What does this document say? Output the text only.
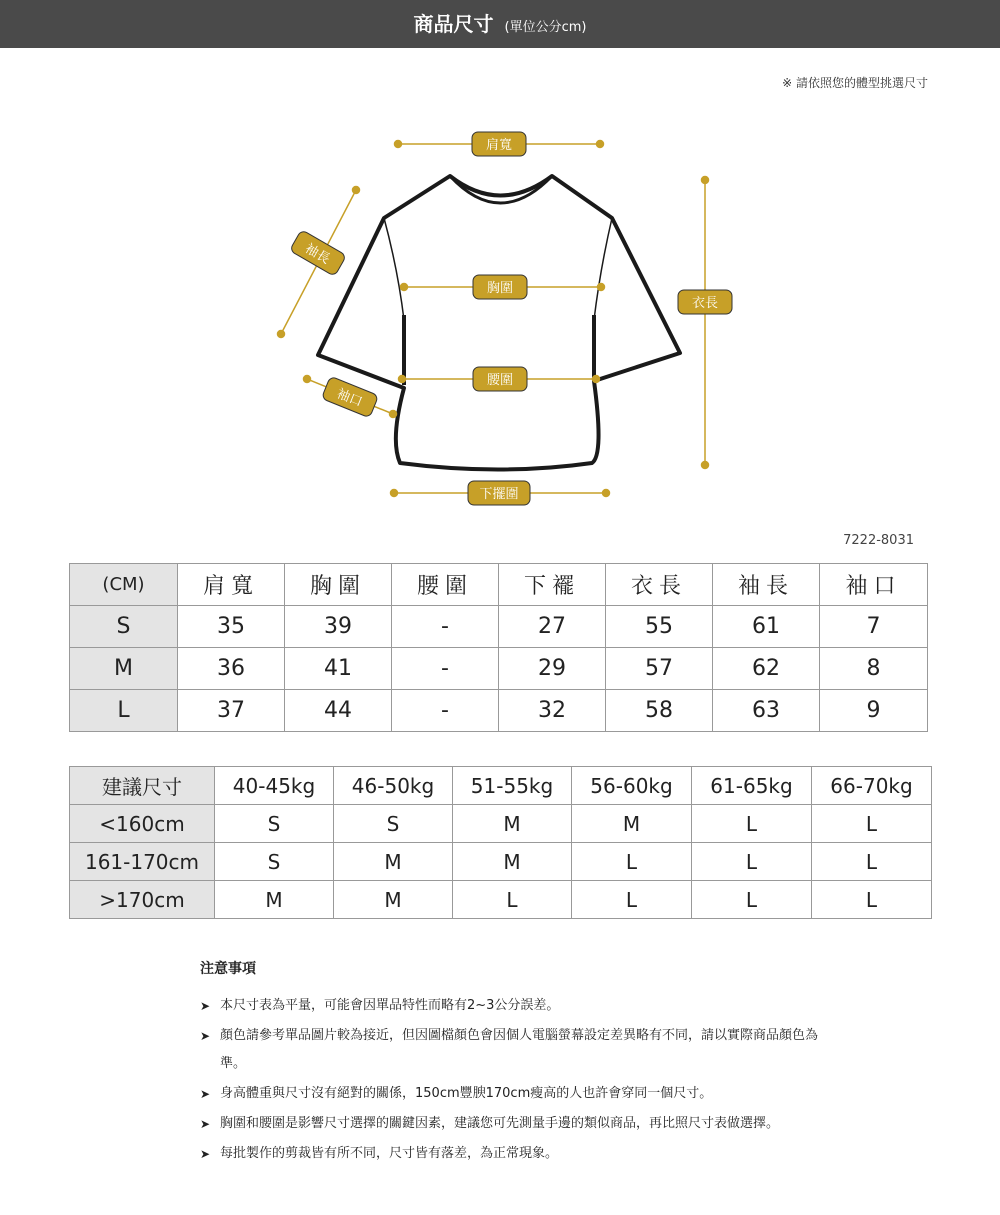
商品尺寸 (單位公分cm)
※ 請依照您的體型挑選尺寸
肩寬
袖長
胸圍
衣長
腰圍
袖口
下擺圍
7222-8031
(CM)	肩寬	胸圍	腰圍	下襬	衣長	袖長	袖口
S	35	39	-	27	55	61	7
M	36	41	-	29	57	62	8
L	37	44	-	32	58	63	9
建議尺寸	40-45kg	46-50kg	51-55kg	56-60kg	61-65kg	66-70kg
<160cm	S	S	M	M	L	L
161-170cm	S	M	M	L	L	L
>170cm	M	M	L	L	L	L
注意事項
➤ 本尺寸表為平量，可能會因單品特性而略有2~3公分誤差。
➤ 顏色請參考單品圖片較為接近，但因圖檔顏色會因個人電腦螢幕設定差異略有不同，請以實際商品顏色為準。
➤ 身高體重與尺寸沒有絕對的關係，150cm豐腴170cm瘦高的人也許會穿同一個尺寸。
➤ 胸圍和腰圍是影響尺寸選擇的關鍵因素，建議您可先測量手邊的類似商品，再比照尺寸表做選擇。
➤ 每批製作的剪裁皆有所不同，尺寸皆有落差，為正常現象。
